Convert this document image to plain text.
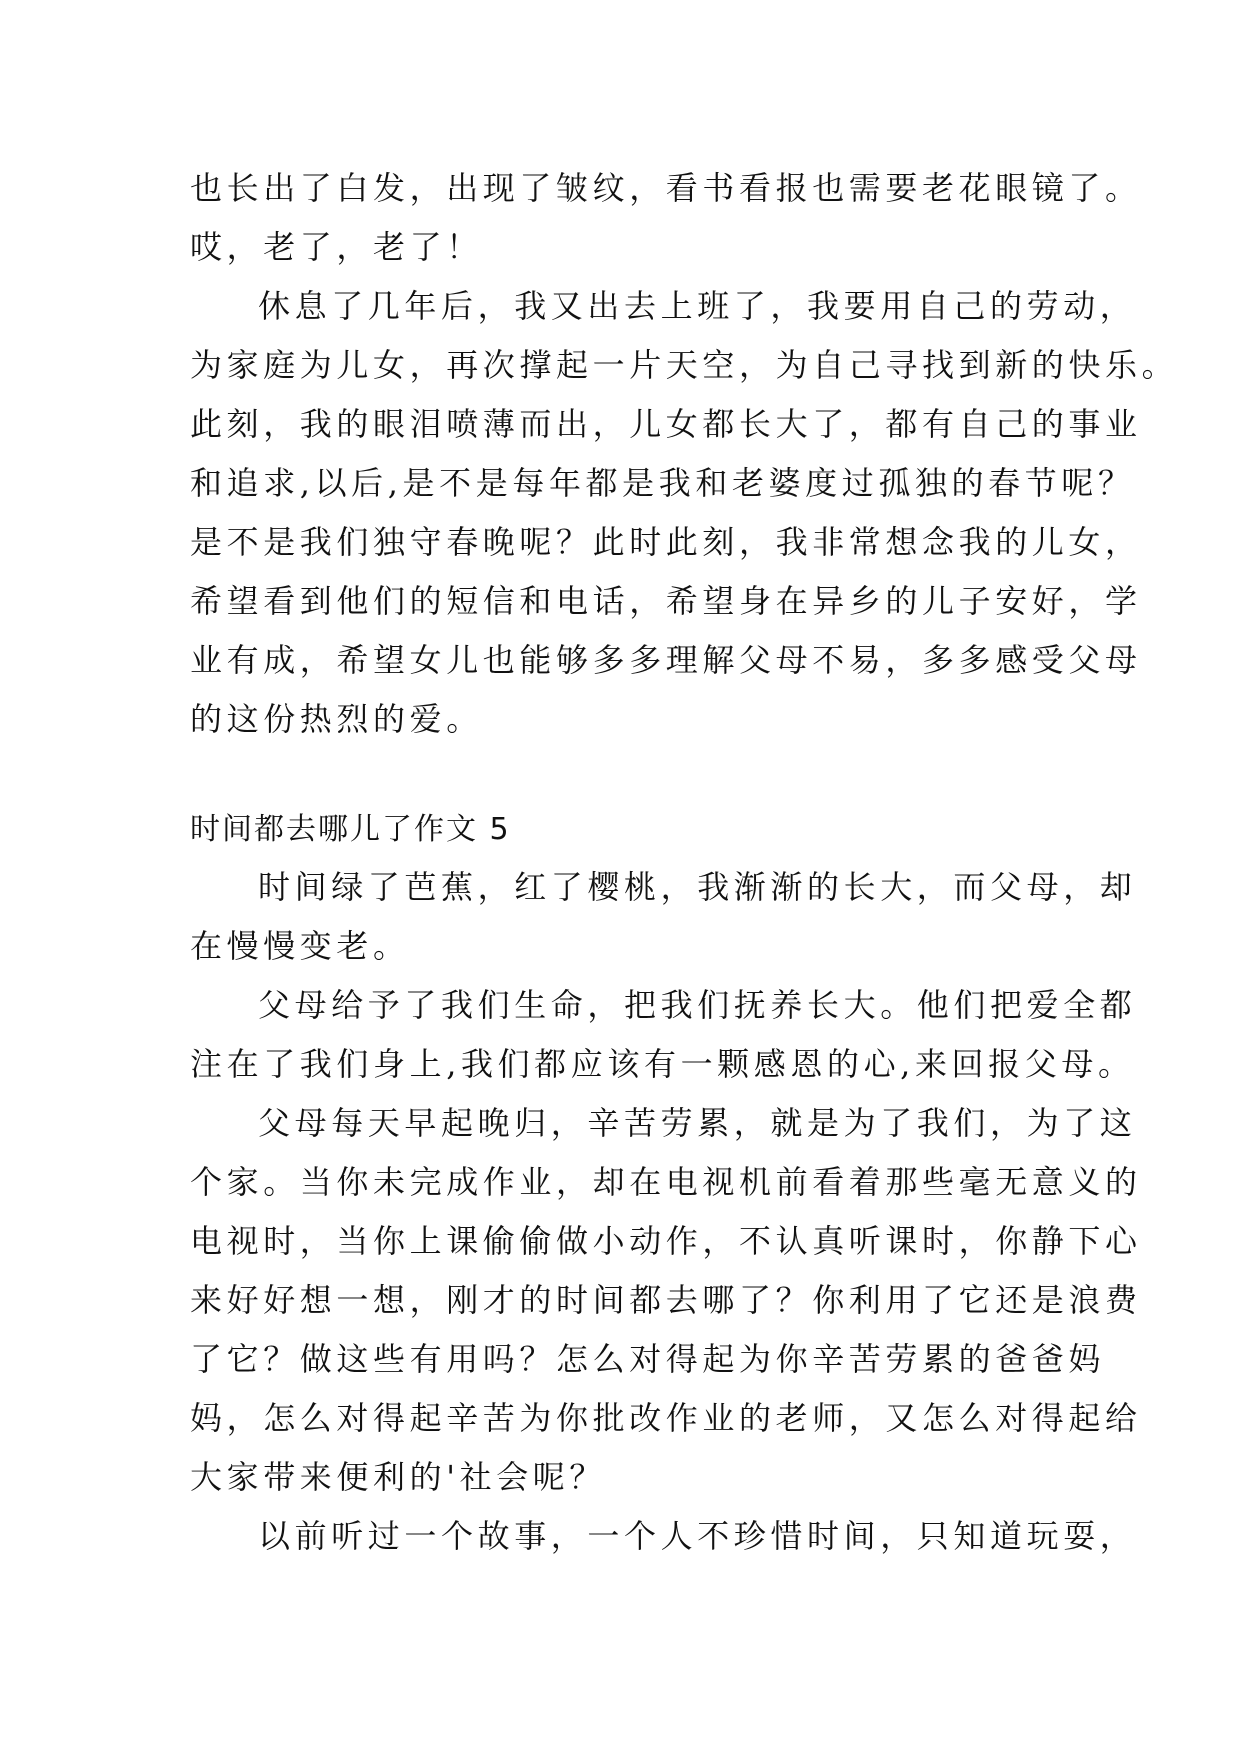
也长出了白发，出现了皱纹，看书看报也需要老花眼镜了。
哎，老了，老了！
休息了几年后，我又出去上班了，我要用自己的劳动，
为家庭为儿女，再次撑起一片天空，为自己寻找到新的快乐。
此刻，我的眼泪喷薄而出，儿女都长大了，都有自己的事业
和追求,以后,是不是每年都是我和老婆度过孤独的春节呢？
是不是我们独守春晚呢？此时此刻，我非常想念我的儿女，
希望看到他们的短信和电话，希望身在异乡的儿子安好，学
业有成，希望女儿也能够多多理解父母不易，多多感受父母
的这份热烈的爱。
时间都去哪儿了作文 5
时间绿了芭蕉，红了樱桃，我渐渐的长大，而父母，却
在慢慢变老。
父母给予了我们生命，把我们抚养长大。他们把爱全都
注在了我们身上,我们都应该有一颗感恩的心,来回报父母。
父母每天早起晚归，辛苦劳累，就是为了我们，为了这
个家。当你未完成作业，却在电视机前看着那些毫无意义的
电视时，当你上课偷偷做小动作，不认真听课时，你静下心
来好好想一想，刚才的时间都去哪了？你利用了它还是浪费
了它？做这些有用吗？怎么对得起为你辛苦劳累的爸爸妈
妈，怎么对得起辛苦为你批改作业的老师，又怎么对得起给
大家带来便利的'社会呢？
以前听过一个故事，一个人不珍惜时间，只知道玩耍，
